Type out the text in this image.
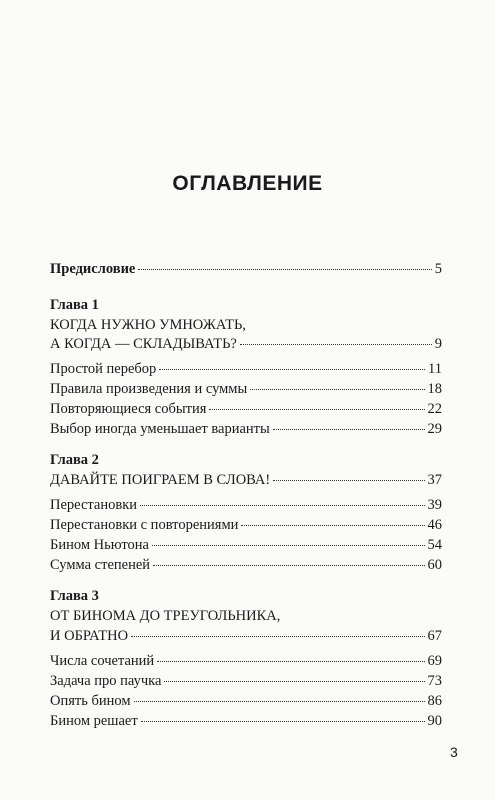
ОГЛАВЛЕНИЕ
Предисловие	5
Глава 1
КОГДА НУЖНО УМНОЖАТЬ,
А КОГДА — СКЛАДЫВАТЬ?	9
Простой перебор	11
Правила произведения и суммы	18
Повторяющиеся события	22
Выбор иногда уменьшает варианты	29
Глава 2
ДАВАЙТЕ ПОИГРАЕМ В СЛОВА!	37
Перестановки	39
Перестановки с повторениями	46
Бином Ньютона	54
Сумма степеней	60
Глава 3
ОТ БИНОМА ДО ТРЕУГОЛЬНИКА,
И ОБРАТНО	67
Числа сочетаний	69
Задача про паучка	73
Опять бином	86
Бином решает	90
3
